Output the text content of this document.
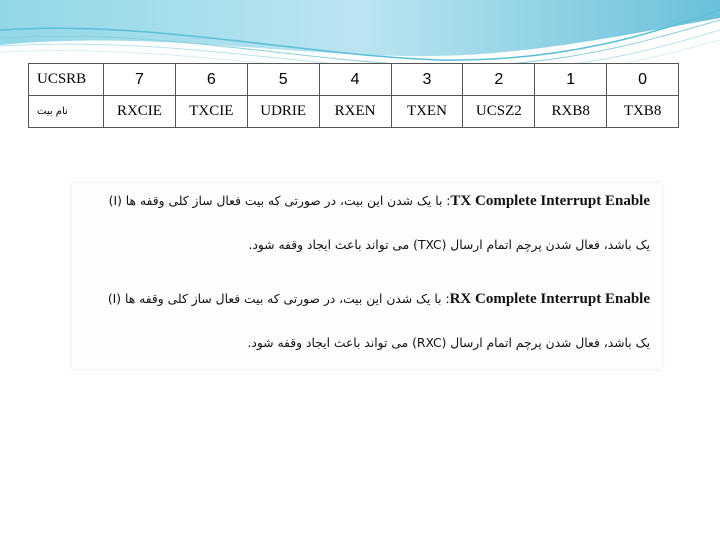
UCSRB	7	6	5	4	3	2	1	0
نام بیت	RXCIE	TXCIE	UDRIE	RXEN	TXEN	UCSZ2	RXB8	TXB8
TX Complete Interrupt Enable: با یک شدن این بیت، در صورتی که بیت فعال ساز کلی وقفه ها (I)
یک باشد، فعال شدن پرچم اتمام ارسال (TXC) می تواند باعث ایجاد وقفه شود.
RX Complete Interrupt Enable: با یک شدن این بیت، در صورتی که بیت فعال ساز کلی وقفه ها (I)
یک باشد، فعال شدن پرچم اتمام ارسال (RXC) می تواند باعث ایجاد وقفه شود.
